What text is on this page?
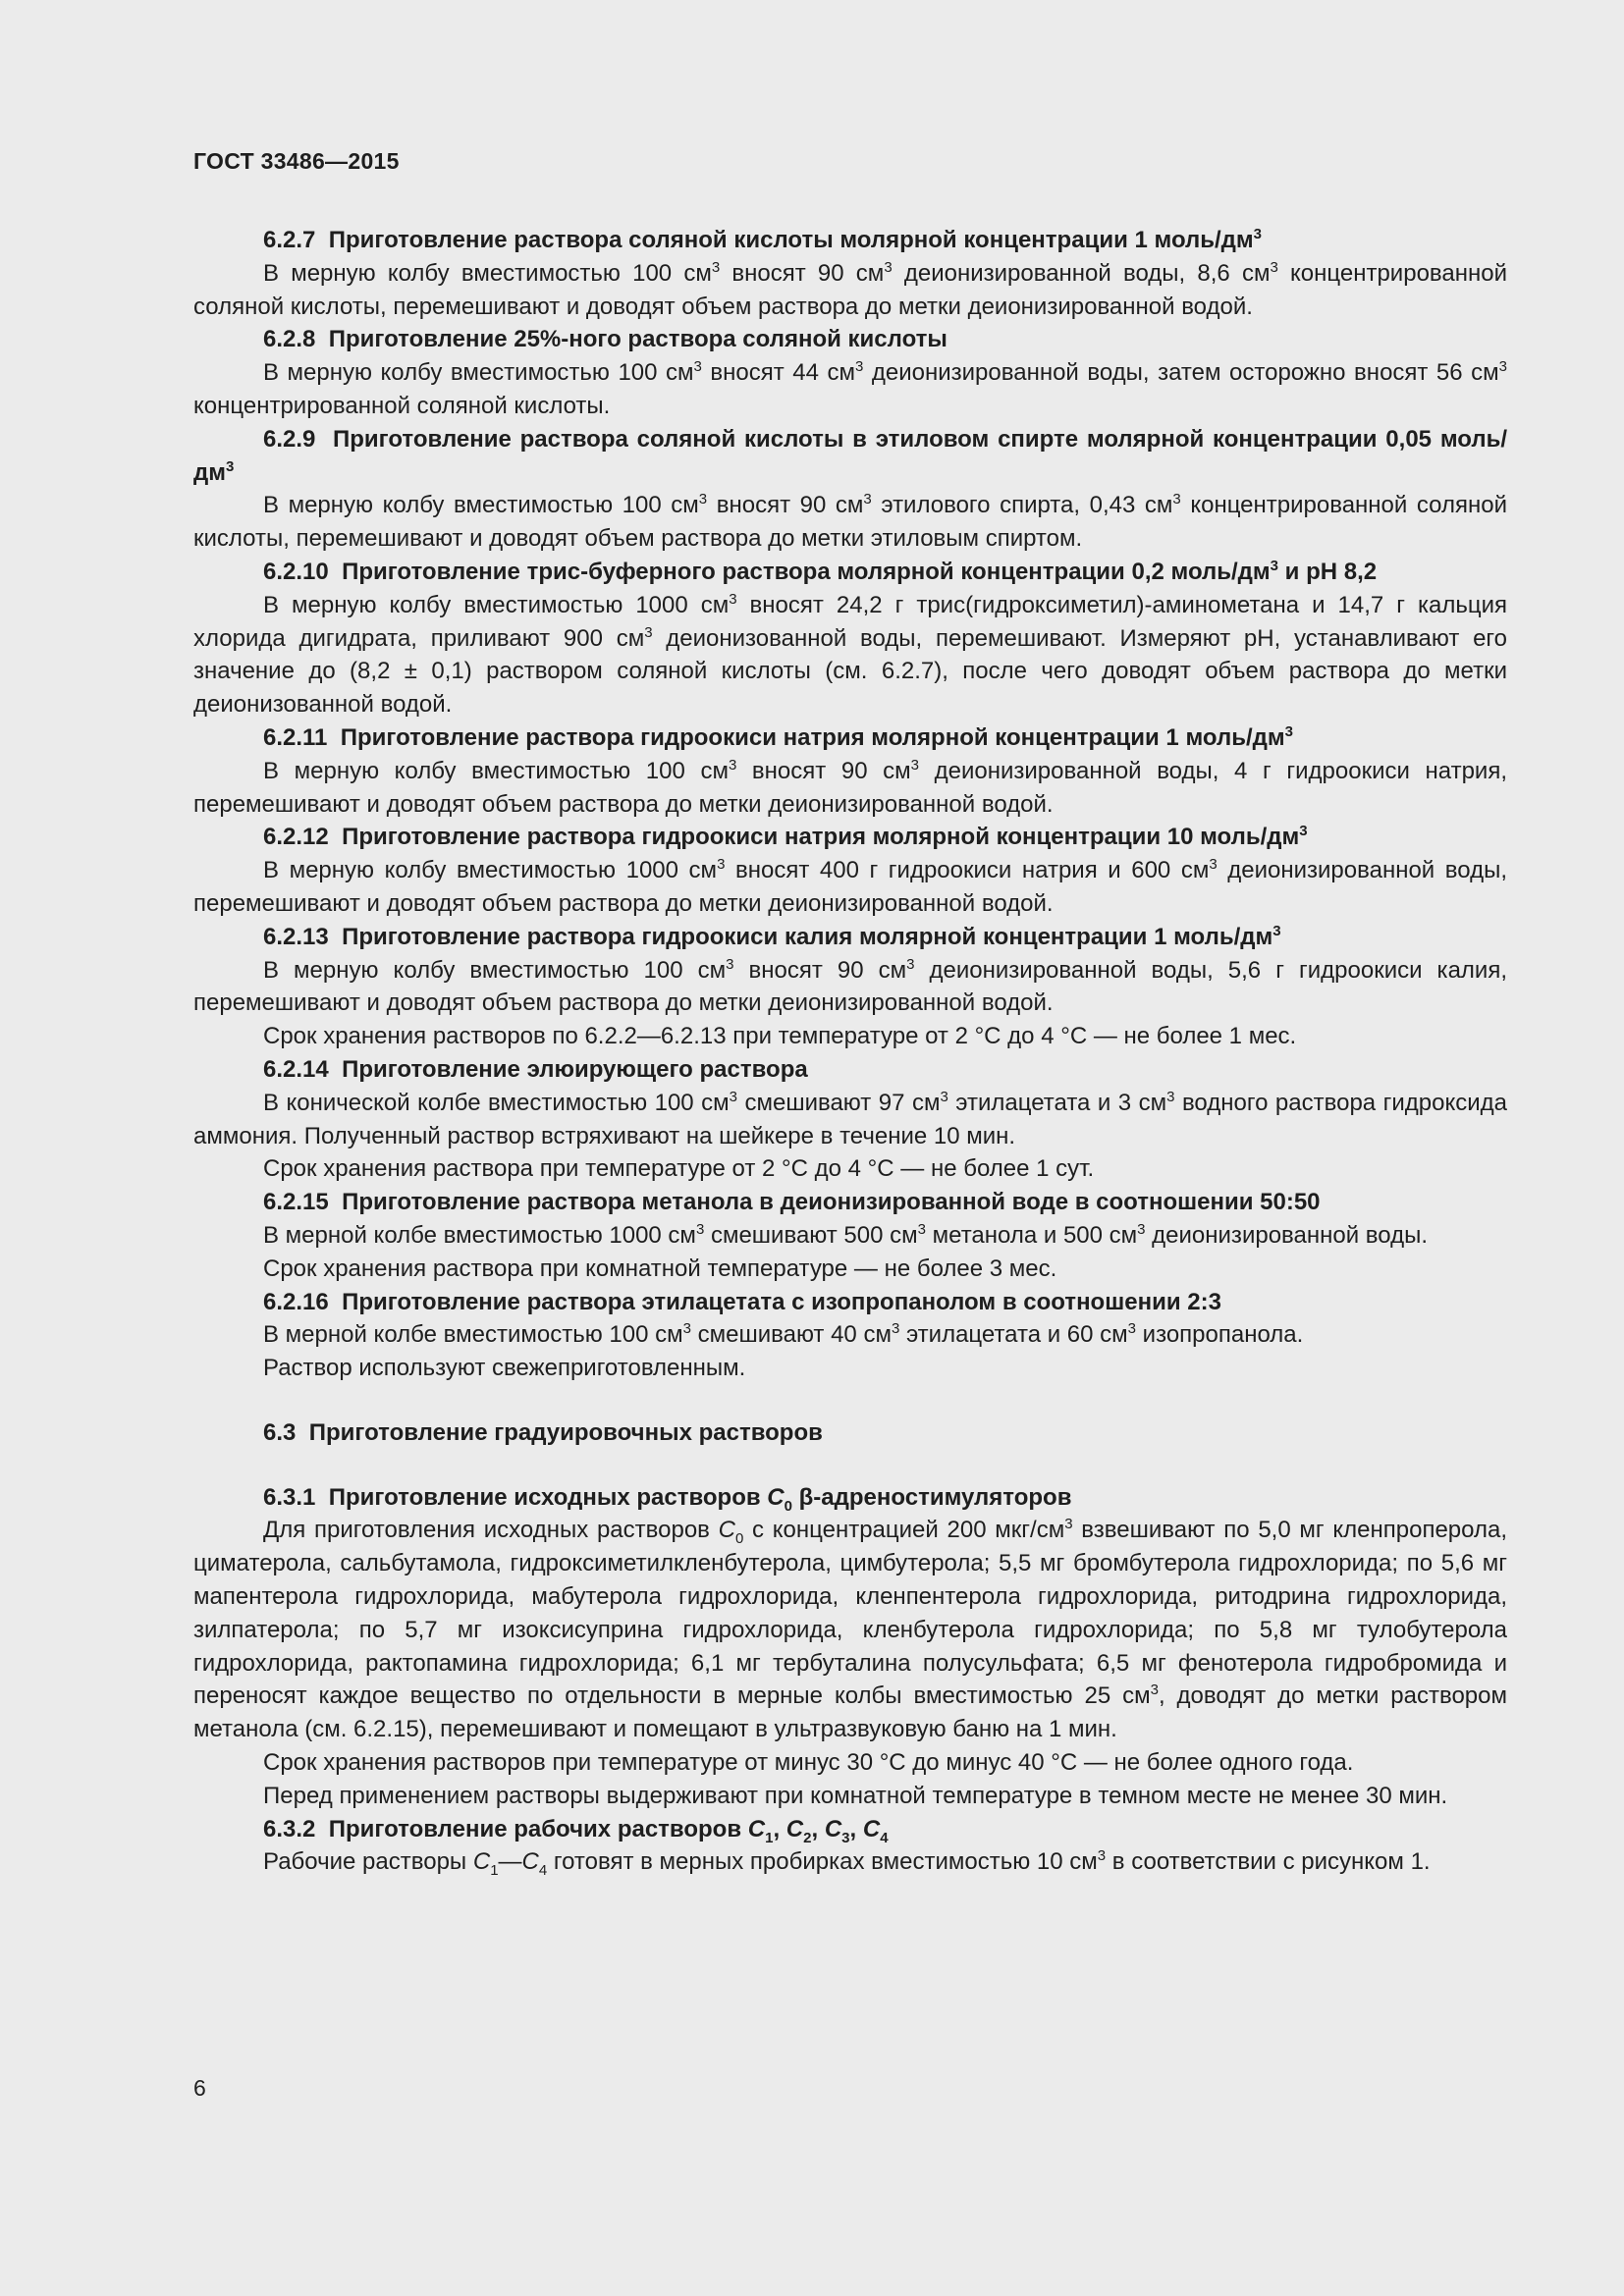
ГОСТ 33486—2015

6.2.7 Приготовление раствора соляной кислоты молярной концентрации 1 моль/$дм^3$

В мерную колбу вместимостью 100 $см^3$ вносят 90 $см^3$ деионизированной воды, 8,6 $см^3$ концентрированной соляной кислоты, перемешивают и доводят объем раствора до метки деионизированной водой.

6.2.8 Приготовление 25%-ного раствора соляной кислоты

В мерную колбу вместимостью 100 $см^3$ вносят 44 $см^3$ деионизированной воды, затем осторожно вносят 56 $см^3$ концентрированной соляной кислоты.

6.2.9 Приготовление раствора соляной кислоты в этиловом спирте молярной концентрации 0,05 моль/$дм^3$

В мерную колбу вместимостью 100 $см^3$ вносят 90 $см^3$ этилового спирта, 0,43 $см^3$ концентрированной соляной кислоты, перемешивают и доводят объем раствора до метки этиловым спиртом.

6.2.10 Приготовление трис-буферного раствора молярной концентрации 0,2 моль/$дм^3$ и рН 8,2

В мерную колбу вместимостью 1000 $см^3$ вносят 24,2 г трис(гидроксиметил)-аминометана и 14,7 г кальция хлорида дигидрата, приливают 900 $см^3$ деионизованной воды, перемешивают. Измеряют рН, устанавливают его значение до (8,2 ± 0,1) раствором соляной кислоты (см. 6.2.7), после чего доводят объем раствора до метки деионизованной водой.

6.2.11 Приготовление раствора гидроокиси натрия молярной концентрации 1 моль/$дм^3$

В мерную колбу вместимостью 100 $см^3$ вносят 90 $см^3$ деионизированной воды, 4 г гидроокиси натрия, перемешивают и доводят объем раствора до метки деионизированной водой.

6.2.12 Приготовление раствора гидроокиси натрия молярной концентрации 10 моль/$дм^3$

В мерную колбу вместимостью 1000 $см^3$ вносят 400 г гидроокиси натрия и 600 $см^3$ деионизированной воды, перемешивают и доводят объем раствора до метки деионизированной водой.

6.2.13 Приготовление раствора гидроокиси калия молярной концентрации 1 моль/$дм^3$

В мерную колбу вместимостью 100 $см^3$ вносят 90 $см^3$ деионизированной воды, 5,6 г гидроокиси калия, перемешивают и доводят объем раствора до метки деионизированной водой.

Срок хранения растворов по 6.2.2—6.2.13 при температуре от 2 °С до 4 °С — не более 1 мес.

6.2.14 Приготовление элюирующего раствора

В конической колбе вместимостью 100 $см^3$ смешивают 97 $см^3$ этилацетата и 3 $см^3$ водного раствора гидроксида аммония. Полученный раствор встряхивают на шейкере в течение 10 мин.

Срок хранения раствора при температуре от 2 °С до 4 °С — не более 1 сут.

6.2.15 Приготовление раствора метанола в деионизированной воде в соотношении 50:50

В мерной колбе вместимостью 1000 $см^3$ смешивают 500 $см^3$ метанола и 500 $см^3$ деионизированной воды.

Срок хранения раствора при комнатной температуре — не более 3 мес.

6.2.16 Приготовление раствора этилацетата с изопропанолом в соотношении 2:3

В мерной колбе вместимостью 100 $см^3$ смешивают 40 $см^3$ этилацетата и 60 $см^3$ изопропанола.

Раствор используют свежеприготовленным.

6.3 Приготовление градуировочных растворов

6.3.1 Приготовление исходных растворов $C_0$ β-адреностимуляторов

Для приготовления исходных растворов $C_0$ с концентрацией 200 мкг/$см^3$ взвешивают по 5,0 мг кленпроперола, циматерола, сальбутамола, гидроксиметилкленбутерола, цимбутерола; 5,5 мг бромбутерола гидрохлорида; по 5,6 мг мапентерола гидрохлорида, мабутерола гидрохлорида, кленпентерола гидрохлорида, ритодрина гидрохлорида, зилпатерола; по 5,7 мг изоксисуприна гидрохлорида, кленбутерола гидрохлорида; по 5,8 мг тулобутерола гидрохлорида, рактопамина гидрохлорида; 6,1 мг тербуталина полусульфата; 6,5 мг фенотерола гидробромида и переносят каждое вещество по отдельности в мерные колбы вместимостью 25 $см^3$, доводят до метки раствором метанола (см. 6.2.15), перемешивают и помещают в ультразвуковую баню на 1 мин.

Срок хранения растворов при температуре от минус 30 °С до минус 40 °С — не более одного года.

Перед применением растворы выдерживают при комнатной температуре в темном месте не менее 30 мин.

6.3.2 Приготовление рабочих растворов $C_1$, $C_2$, $C_3$, $C_4$

Рабочие растворы $C_1—C_4$ готовят в мерных пробирках вместимостью 10 $см^3$ в соответствии с рисунком 1.

6
